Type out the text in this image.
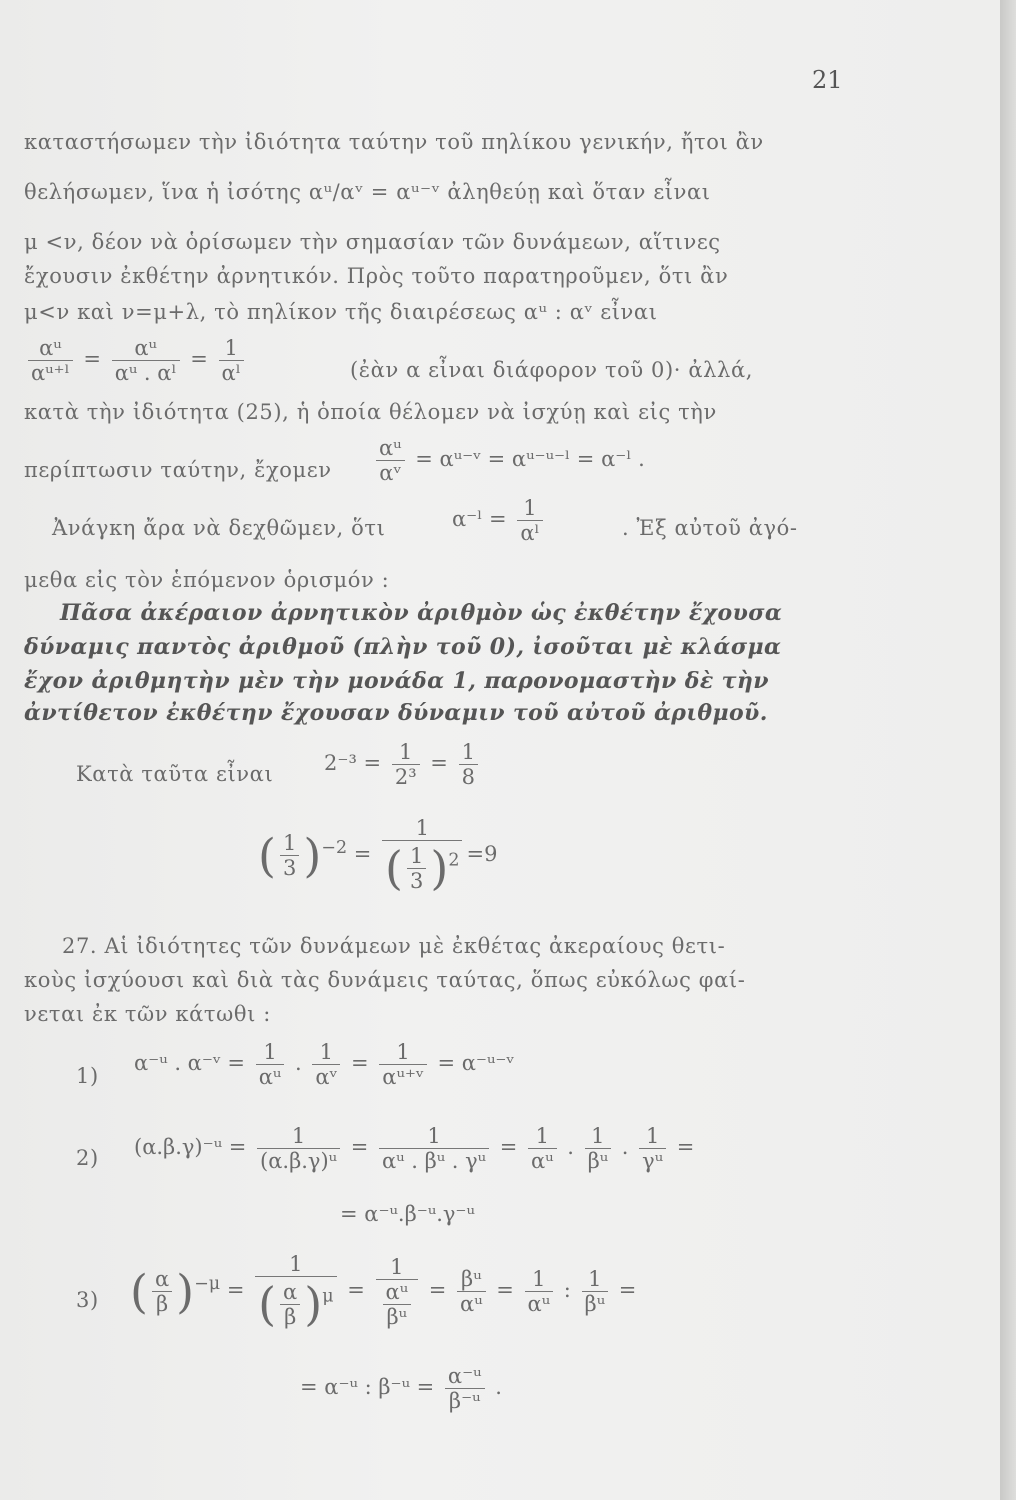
21
καταστήσωμεν τὴν ἰδιότητα ταύτην τοῦ πηλίκου γενικήν, ἤτοι ἂν
θελήσωμεν, ἵνα ἡ ἰσότης αᵘ/αᵛ = αᵘ⁻ᵛ ἀληθεύῃ καὶ ὅταν εἶναι
μ <ν, δέον νὰ ὁρίσωμεν τὴν σημασίαν τῶν δυνάμεων, αἵτινες
ἔχουσιν ἐκθέτην ἀρνητικόν. Πρὸς τοῦτο παρατηροῦμεν, ὅτι ἂν
μ<ν καὶ ν=μ+λ, τὸ πηλίκον τῆς διαιρέσεως αᵘ : αᵛ εἶναι
$\frac{\text{αᵘ}}{\text{αᵘ⁺ˡ}} = \frac{\text{αᵘ}}{\text{αᵘ . αˡ}} = \frac{1}{\text{αˡ}}$	(ἐὰν α εἶναι διάφορον τοῦ 0)· ἀλλά,
κατὰ τὴν ἰδιότητα (25), ἡ ὁποία θέλομεν νὰ ἰσχύῃ καὶ εἰς τὴν
περίπτωσιν ταύτην, ἔχομεν $\frac{\text{αᵘ}}{\text{αᵛ}}$ = αᵘ⁻ᵛ = αᵘ⁻ᵘ⁻ˡ = α⁻ˡ .
Ἀνάγκη ἄρα νὰ δεχθῶμεν, ὅτι	α⁻ˡ = $\frac{1}{\text{αˡ}}$	. Ἐξ αὐτοῦ ἀγό-
μεθα εἰς τὸν ἑπόμενον ὁρισμόν :
Πᾶσα ἀκέραιον ἀρνητικὸν ἀριθμὸν ὡς ἐκθέτην ἔχουσα
δύναμις παντὸς ἀριθμοῦ (πλὴν τοῦ 0), ἰσοῦται μὲ κλάσμα
ἔχον ἀριθμητὴν μὲν τὴν μονάδα 1, παρονομαστὴν δὲ τὴν
ἀντίθετον ἐκθέτην ἔχουσαν δύναμιν τοῦ αὐτοῦ ἀριθμοῦ.
Κατὰ ταῦτα εἶναι $2^{-3} = \frac{1}{\text{2³}} = \frac{1}{8}$
( $\frac{1}{3} )^{-2} = \frac{1}{( \frac{1}{3} )^2} =9$
27. Αἱ ἰδιότητες τῶν δυνάμεων μὲ ἐκθέτας ἀκεραίους θετι-
κοὺς ἰσχύουσι καὶ διὰ τὰς δυνάμεις ταύτας, ὅπως εὐκόλως φαί-
νεται ἐκ τῶν κάτωθι :
1)
α⁻ᵘ . α⁻ᵛ = $\frac{1}{\text{αᵘ}}$ . $\frac{1}{\text{αᵛ}} = \frac{1}{\text{αᵘ⁺ᵛ}}$ = α⁻ᵘ⁻ᵛ
2) (α.β.γ)⁻ᵘ = $\frac{1}{\text{(α.β.γ)ᵘ}} = \frac{1}{\text{αᵘ . βᵘ . γᵘ}} = \frac{1}{\text{αᵘ}}$ . $\frac{1}{\text{βᵘ}}$ . $\frac{1}{\text{γᵘ}}$ =
= α⁻ᵘ.β⁻ᵘ.γ⁻ᵘ
3) ( $\frac{\alpha}{\beta} )^{-\mu} = \frac{1}{( \frac{\alpha}{\beta} )^\mu} = \frac{1}{\frac{\text{αᵘ}}{\text{βᵘ}}} = \frac{\text{βᵘ}}{\text{αᵘ}} = \frac{1}{\text{αᵘ}}$ : $\frac{1}{\text{βᵘ}}$ =
= α⁻ᵘ : β⁻ᵘ = $\frac{\text{α⁻ᵘ}}{\text{β⁻ᵘ}}$ .
